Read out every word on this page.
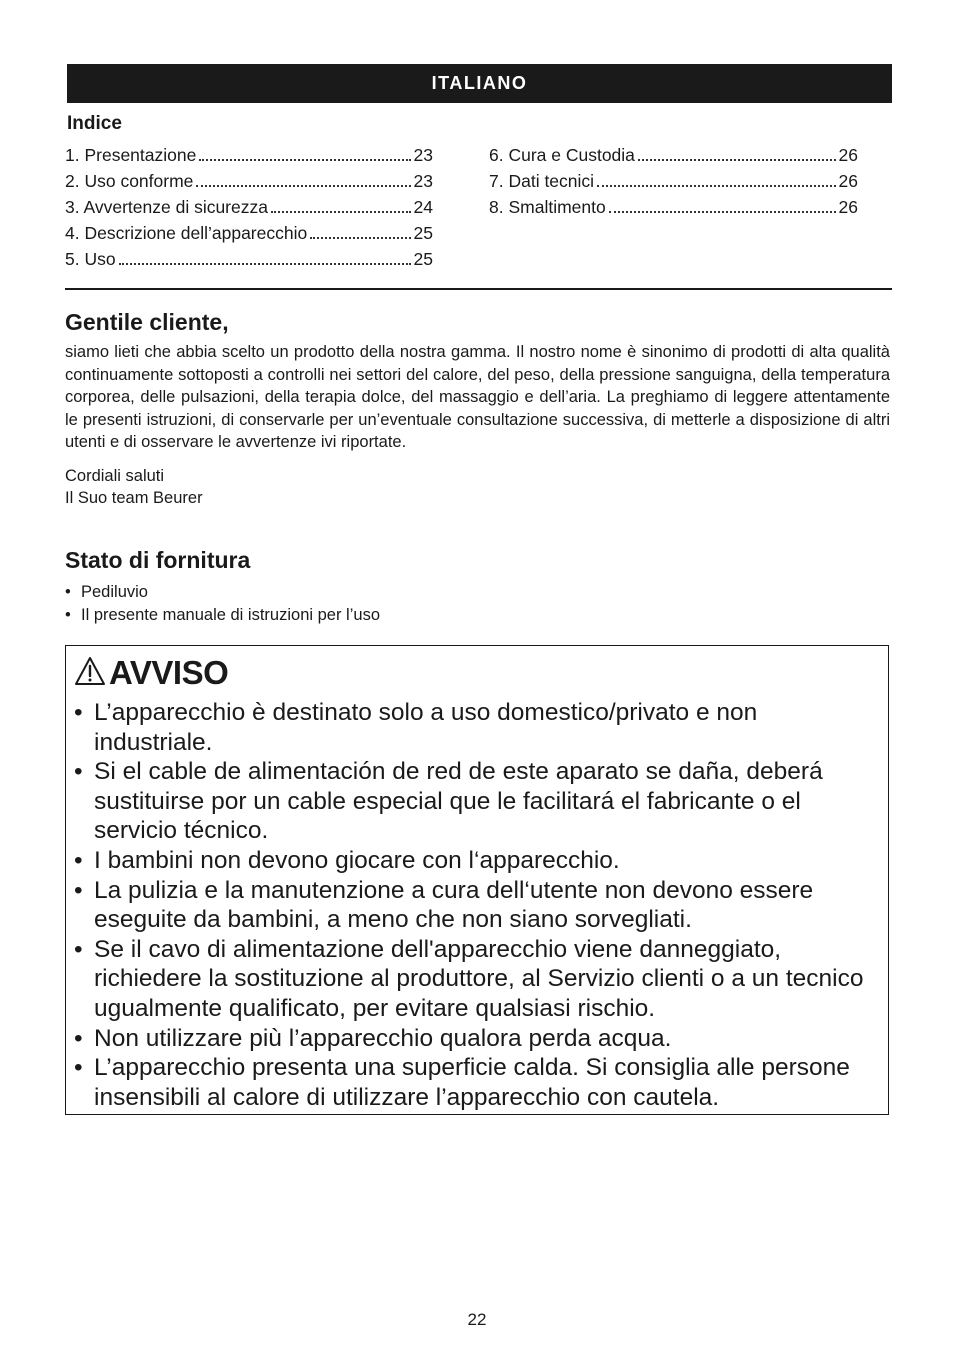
ITALIANO
Indice
1. Presentazione	23
2. Uso conforme	23
3. Avvertenze di sicurezza	24
4. Descrizione dell’apparecchio	25
5. Uso	25
6. Cura e Custodia	26
7. Dati tecnici	26
8. Smaltimento	26
Gentile cliente,
siamo lieti che abbia scelto un prodotto della nostra gamma. Il nostro nome è sinonimo di prodotti di alta qualità continuamente sottoposti a controlli nei settori del calore, del peso, della pressione sanguigna, della temperatura corporea, delle pulsazioni, della terapia dolce, del massaggio e dell’aria. La preghiamo di leggere attentamente le presenti istruzioni, di conservarle per un’eventuale consultazione successiva, di metterle a disposizione di altri utenti e di osservare le avvertenze ivi riportate.
Cordiali saluti
Il Suo team Beurer
Stato di fornitura
• Pediluvio
• Il presente manuale di istruzioni per l’uso
AVVISO
• L’apparecchio è destinato solo a uso domestico/privato e non industriale.
• Si el cable de alimentación de red de este aparato se daña, deberá sustituirse por un cable especial que le facilitará el fabricante o el servicio técnico.
• I bambini non devono giocare con l‘apparecchio.
• La pulizia e la manutenzione a cura dell‘utente non devono essere eseguite da bambini, a meno che non siano sorvegliati.
• Se il cavo di alimentazione dell'apparecchio viene danneggiato, richiedere la sostituzione al produttore, al Servizio clienti o a un tecnico ugualmente qualificato, per evitare qualsiasi rischio.
• Non utilizzare più l’apparecchio qualora perda acqua.
• L’apparecchio presenta una superficie calda. Si consiglia alle persone insensibili al calore di utilizzare l’apparecchio con cautela.
22
